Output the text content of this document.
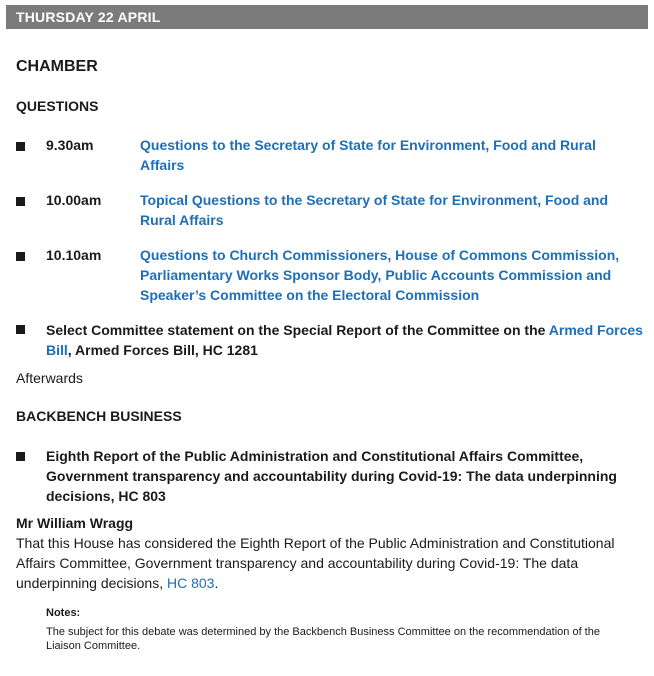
THURSDAY 22 APRIL
CHAMBER
QUESTIONS
9.30am	Questions to the Secretary of State for Environment, Food and Rural Affairs
10.00am	Topical Questions to the Secretary of State for Environment, Food and Rural Affairs
10.10am	Questions to Church Commissioners, House of Commons Commission, Parliamentary Works Sponsor Body, Public Accounts Commission and Speaker’s Committee on the Electoral Commission
Select Committee statement on the Special Report of the Committee on the Armed Forces Bill, Armed Forces Bill, HC 1281
Afterwards
BACKBENCH BUSINESS
Eighth Report of the Public Administration and Constitutional Affairs Committee, Government transparency and accountability during Covid-19: The data underpinning decisions, HC 803
Mr William Wragg
That this House has considered the Eighth Report of the Public Administration and Constitutional Affairs Committee, Government transparency and accountability during Covid-19: The data underpinning decisions, HC 803.
Notes:
The subject for this debate was determined by the Backbench Business Committee on the recommendation of the Liaison Committee.
